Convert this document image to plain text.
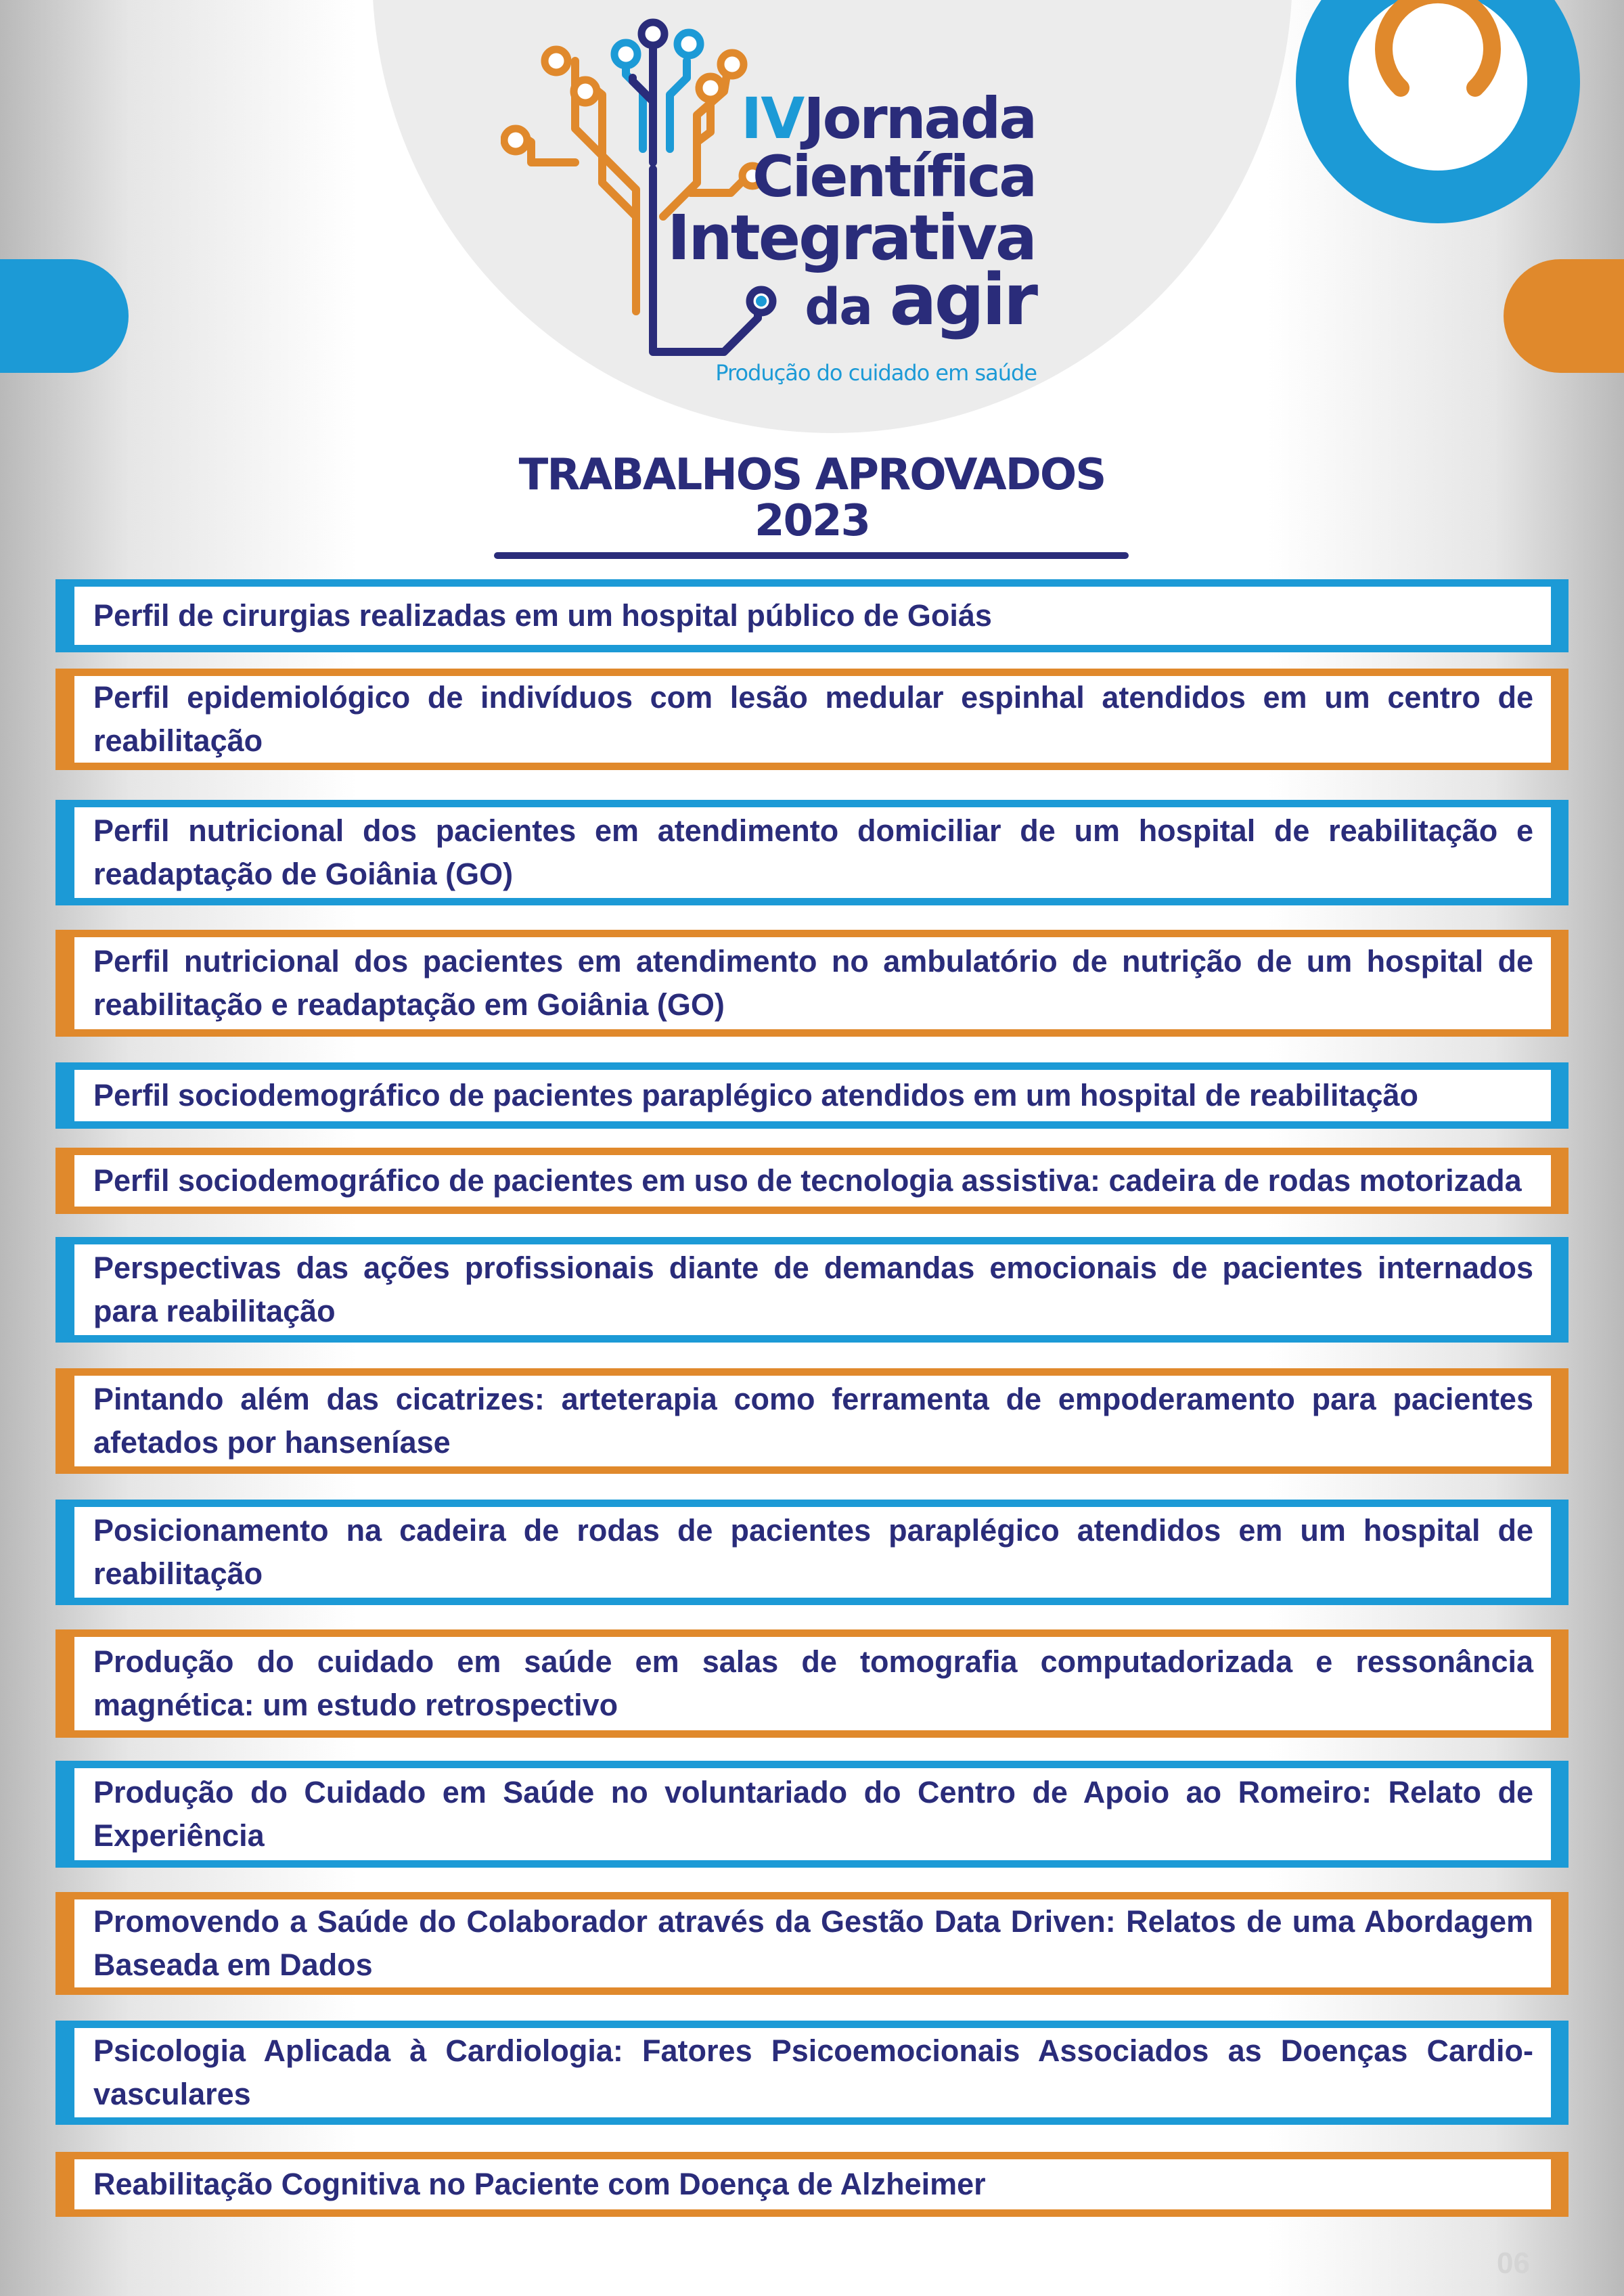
IVJornada
Científica
Integrativa
da agir
Produção do cuidado em saúde
TRABALHOS APROVADOS
2023
Perfil de cirurgias realizadas em um hospital público de Goiás
Perfil epidemiológico de indivíduos com lesão medular espinhal atendidos em um centro de reabilitação
Perfil nutricional dos pacientes em atendimento domiciliar de um hospital de reabilitação e readaptação de Goiânia (GO)
Perfil nutricional dos pacientes em atendimento no ambulatório de nutrição de um hospital de reabilitação e readaptação em Goiânia (GO)
Perfil sociodemográfico de pacientes paraplégico atendidos em um hospital de reabilitação
Perfil sociodemográfico de pacientes em uso de tecnologia assistiva: cadeira de rodas motorizada
Perspectivas das ações profissionais diante de demandas emocionais de pacientes internados para reabilitação
Pintando além das cicatrizes: arteterapia como ferramenta de empoderamento para pacientes afetados por hanseníase
Posicionamento na cadeira de rodas de pacientes paraplégico atendidos em um hospital de reabilitação
Produção do cuidado em saúde em salas de tomografia computadorizada e ressonância magnética: um estudo retrospectivo
Produção do Cuidado em Saúde no voluntariado do Centro de Apoio ao Romeiro: Relato de Experiência
Promovendo a Saúde do Colaborador através da Gestão Data Driven: Relatos de uma Abordagem Baseada em Dados
Psicologia Aplicada à Cardiologia: Fatores Psicoemocionais Associados as Doenças Cardio-vasculares
Reabilitação Cognitiva no Paciente com Doença de Alzheimer
06
